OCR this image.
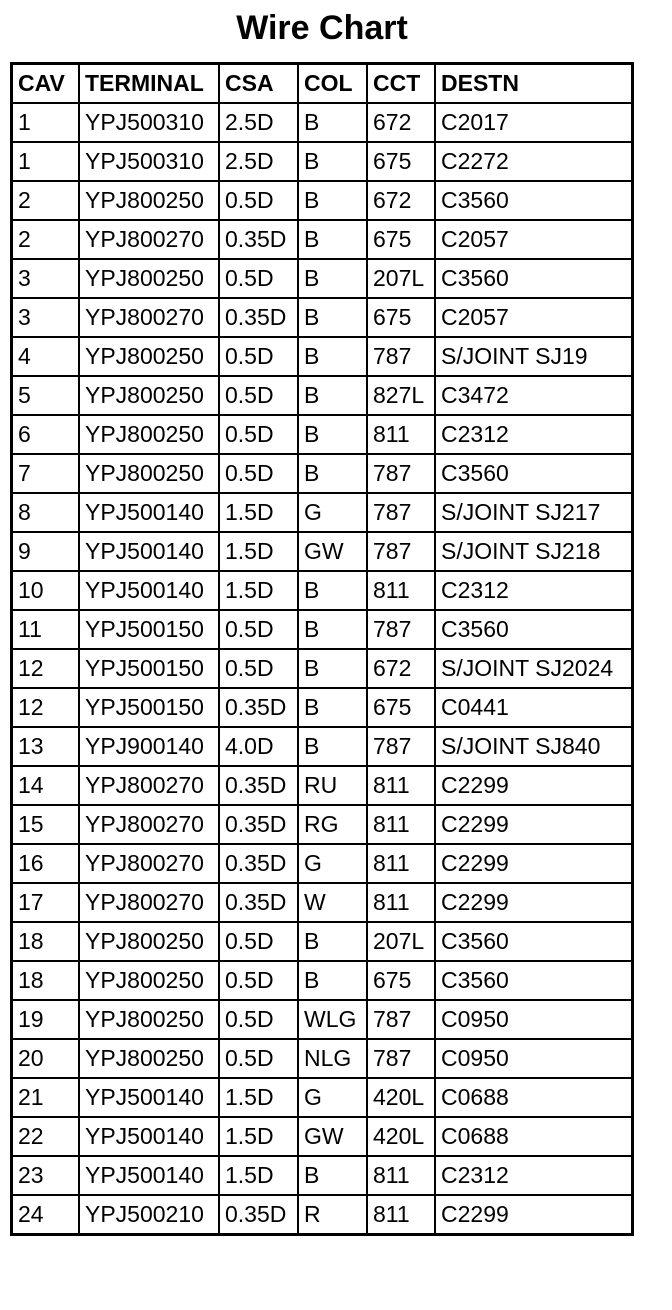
Wire Chart
CAV	TERMINAL	CSA	COL	CCT	DESTN
1	YPJ500310	2.5D	B	672	C2017
1	YPJ500310	2.5D	B	675	C2272
2	YPJ800250	0.5D	B	672	C3560
2	YPJ800270	0.35D	B	675	C2057
3	YPJ800250	0.5D	B	207L	C3560
3	YPJ800270	0.35D	B	675	C2057
4	YPJ800250	0.5D	B	787	S/JOINT SJ19
5	YPJ800250	0.5D	B	827L	C3472
6	YPJ800250	0.5D	B	811	C2312
7	YPJ800250	0.5D	B	787	C3560
8	YPJ500140	1.5D	G	787	S/JOINT SJ217
9	YPJ500140	1.5D	GW	787	S/JOINT SJ218
10	YPJ500140	1.5D	B	811	C2312
11	YPJ500150	0.5D	B	787	C3560
12	YPJ500150	0.5D	B	672	S/JOINT SJ2024
12	YPJ500150	0.35D	B	675	C0441
13	YPJ900140	4.0D	B	787	S/JOINT SJ840
14	YPJ800270	0.35D	RU	811	C2299
15	YPJ800270	0.35D	RG	811	C2299
16	YPJ800270	0.35D	G	811	C2299
17	YPJ800270	0.35D	W	811	C2299
18	YPJ800250	0.5D	B	207L	C3560
18	YPJ800250	0.5D	B	675	C3560
19	YPJ800250	0.5D	WLG	787	C0950
20	YPJ800250	0.5D	NLG	787	C0950
21	YPJ500140	1.5D	G	420L	C0688
22	YPJ500140	1.5D	GW	420L	C0688
23	YPJ500140	1.5D	B	811	C2312
24	YPJ500210	0.35D	R	811	C2299
